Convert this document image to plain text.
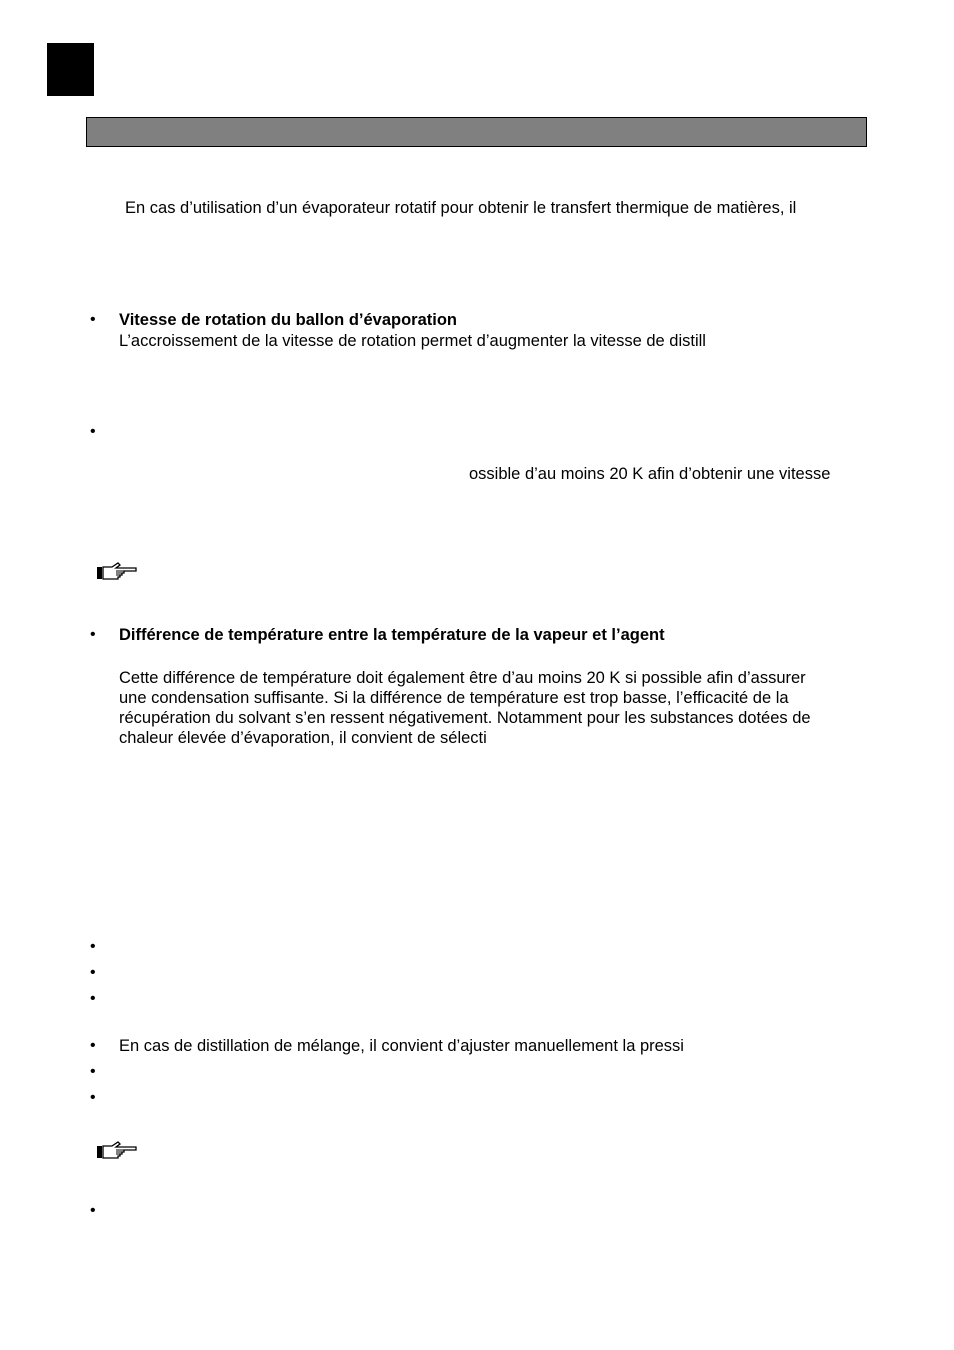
En cas d’utilisation d’un évaporateur rotatif pour obtenir le transfert thermique de matières, il
• Vitesse de rotation du ballon d’évaporation
L’accroissement de la vitesse de rotation permet d’augmenter la vitesse de distill
•
ossible d’au moins 20 K afin d’obtenir une vitesse
• Différence de température entre la température de la vapeur et l’agent
Cette différence de température doit également être d’au moins 20 K si possible afin d’assurer
une condensation suffisante. Si la différence de température est trop basse, l’efficacité de la
récupération du solvant s’en ressent négativement. Notamment pour les substances dotées de
chaleur élevée d’évaporation, il convient de sélecti
•
•
•
• En cas de distillation de mélange, il convient d’ajuster manuellement la pressi
•
•
•
